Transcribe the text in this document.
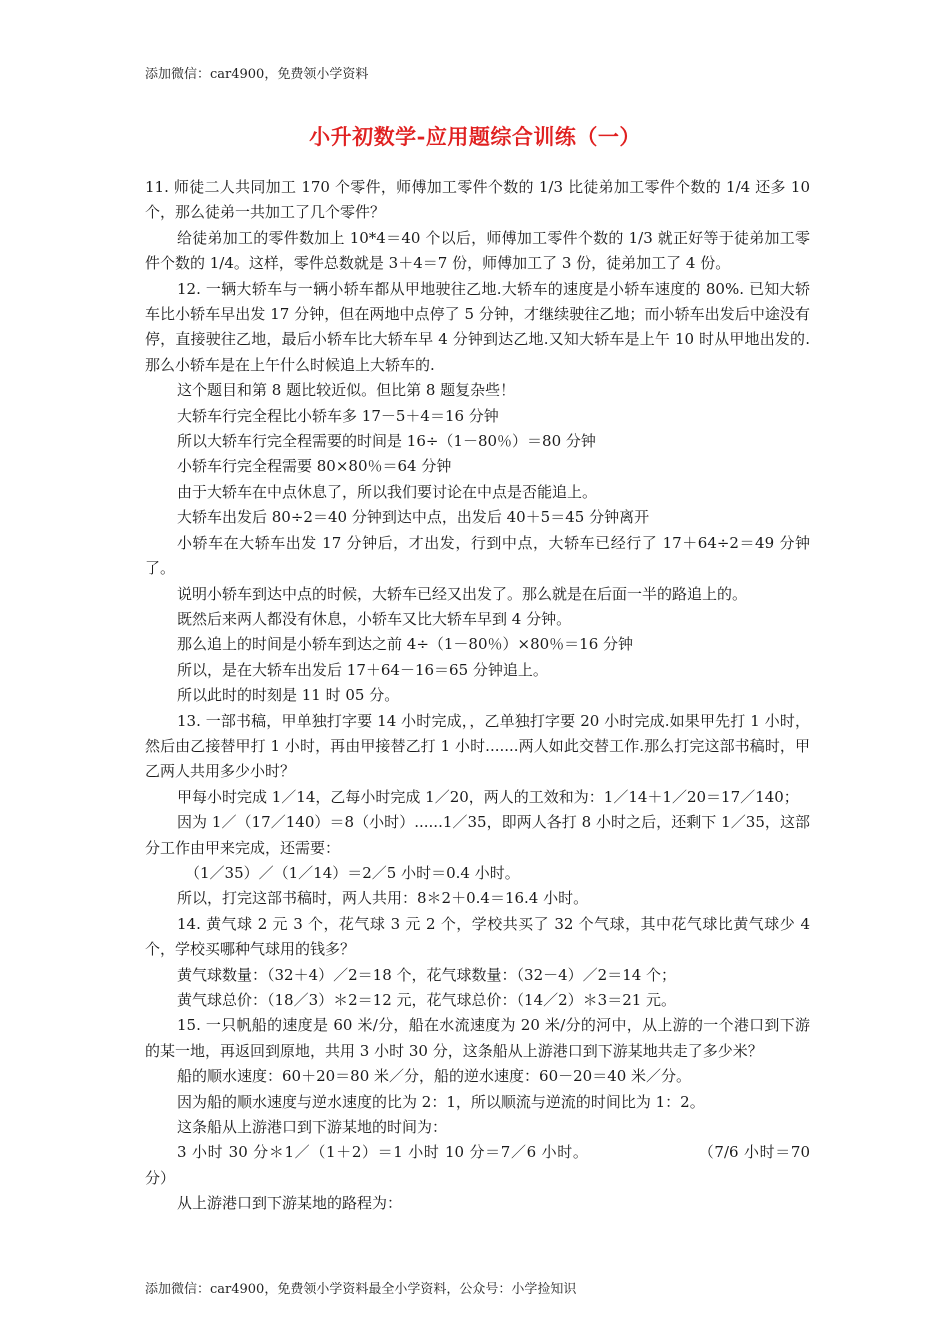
添加微信：car4900，免费领小学资料
小升初数学-应用题综合训练（一）

11. 师徒二人共同加工 170 个零件，师傅加工零件个数的 1/3 比徒弟加工零件个数的 1/4 还多 10 个，那么徒弟一共加工了几个零件？

给徒弟加工的零件数加上 10*4＝40 个以后，师傅加工零件个数的 1/3 就正好等于徒弟加工零件个数的 1/4。这样，零件总数就是 3＋4＝7 份，师傅加工了 3 份，徒弟加工了 4 份。

12. 一辆大轿车与一辆小轿车都从甲地驶往乙地.大轿车的速度是小轿车速度的 80%. 已知大轿车比小轿车早出发 17 分钟，但在两地中点停了 5 分钟，才继续驶往乙地；而小轿车出发后中途没有停，直接驶往乙地，最后小轿车比大轿车早 4 分钟到达乙地.又知大轿车是上午 10 时从甲地出发的.那么小轿车是在上午什么时候追上大轿车的.

这个题目和第 8 题比较近似。但比第 8 题复杂些！

大轿车行完全程比小轿车多 17－5＋4＝16 分钟

所以大轿车行完全程需要的时间是 16÷（1－80％）＝80 分钟

小轿车行完全程需要 80×80％＝64 分钟

由于大轿车在中点休息了，所以我们要讨论在中点是否能追上。

大轿车出发后 80÷2＝40 分钟到达中点，出发后 40＋5＝45 分钟离开

小轿车在大轿车出发 17 分钟后，才出发，行到中点，大轿车已经行了 17＋64÷2＝49 分钟了。

说明小轿车到达中点的时候，大轿车已经又出发了。那么就是在后面一半的路追上的。

既然后来两人都没有休息，小轿车又比大轿车早到 4 分钟。

那么追上的时间是小轿车到达之前 4÷（1－80％）×80％＝16 分钟

所以，是在大轿车出发后 17＋64－16＝65 分钟追上。

所以此时的时刻是 11 时 05 分。

13. 一部书稿，甲单独打字要 14 小时完成，，乙单独打字要 20 小时完成.如果甲先打 1 小时，然后由乙接替甲打 1 小时，再由甲接替乙打 1 小时.......两人如此交替工作.那么打完这部书稿时，甲乙两人共用多少小时？

甲每小时完成 1／14，乙每小时完成 1／20，两人的工效和为：1／14＋1／20＝17／140；

因为 1／（17／140）＝8（小时）......1／35，即两人各打 8 小时之后，还剩下 1／35，这部分工作由甲来完成，还需要：

（1／35）／（1／14）＝2／5 小时＝0.4 小时。

所以，打完这部书稿时，两人共用：8＊2＋0.4＝16.4 小时。

14. 黄气球 2 元 3 个，花气球 3 元 2 个，学校共买了 32 个气球，其中花气球比黄气球少 4 个，学校买哪种气球用的钱多？

黄气球数量：（32＋4）／2＝18 个，花气球数量：（32－4）／2＝14 个；

黄气球总价：（18／3）＊2＝12 元，花气球总价：（14／2）＊3＝21 元。

15. 一只帆船的速度是 60 米/分，船在水流速度为 20 米/分的河中，从上游的一个港口到下游的某一地，再返回到原地，共用 3 小时 30 分，这条船从上游港口到下游某地共走了多少米？

船的顺水速度：60＋20＝80 米／分，船的逆水速度：60－20＝40 米／分。

因为船的顺水速度与逆水速度的比为 2：1，所以顺流与逆流的时间比为 1：2。

这条船从上游港口到下游某地的时间为：

3 小时 30 分＊1／（1＋2）＝1 小时 10 分＝7／6 小时。　　　　　　　　（7/6 小时＝70 分）

从上游港口到下游某地的路程为：

添加微信：car4900，免费领小学资料最全小学资料，公众号：小学捡知识
